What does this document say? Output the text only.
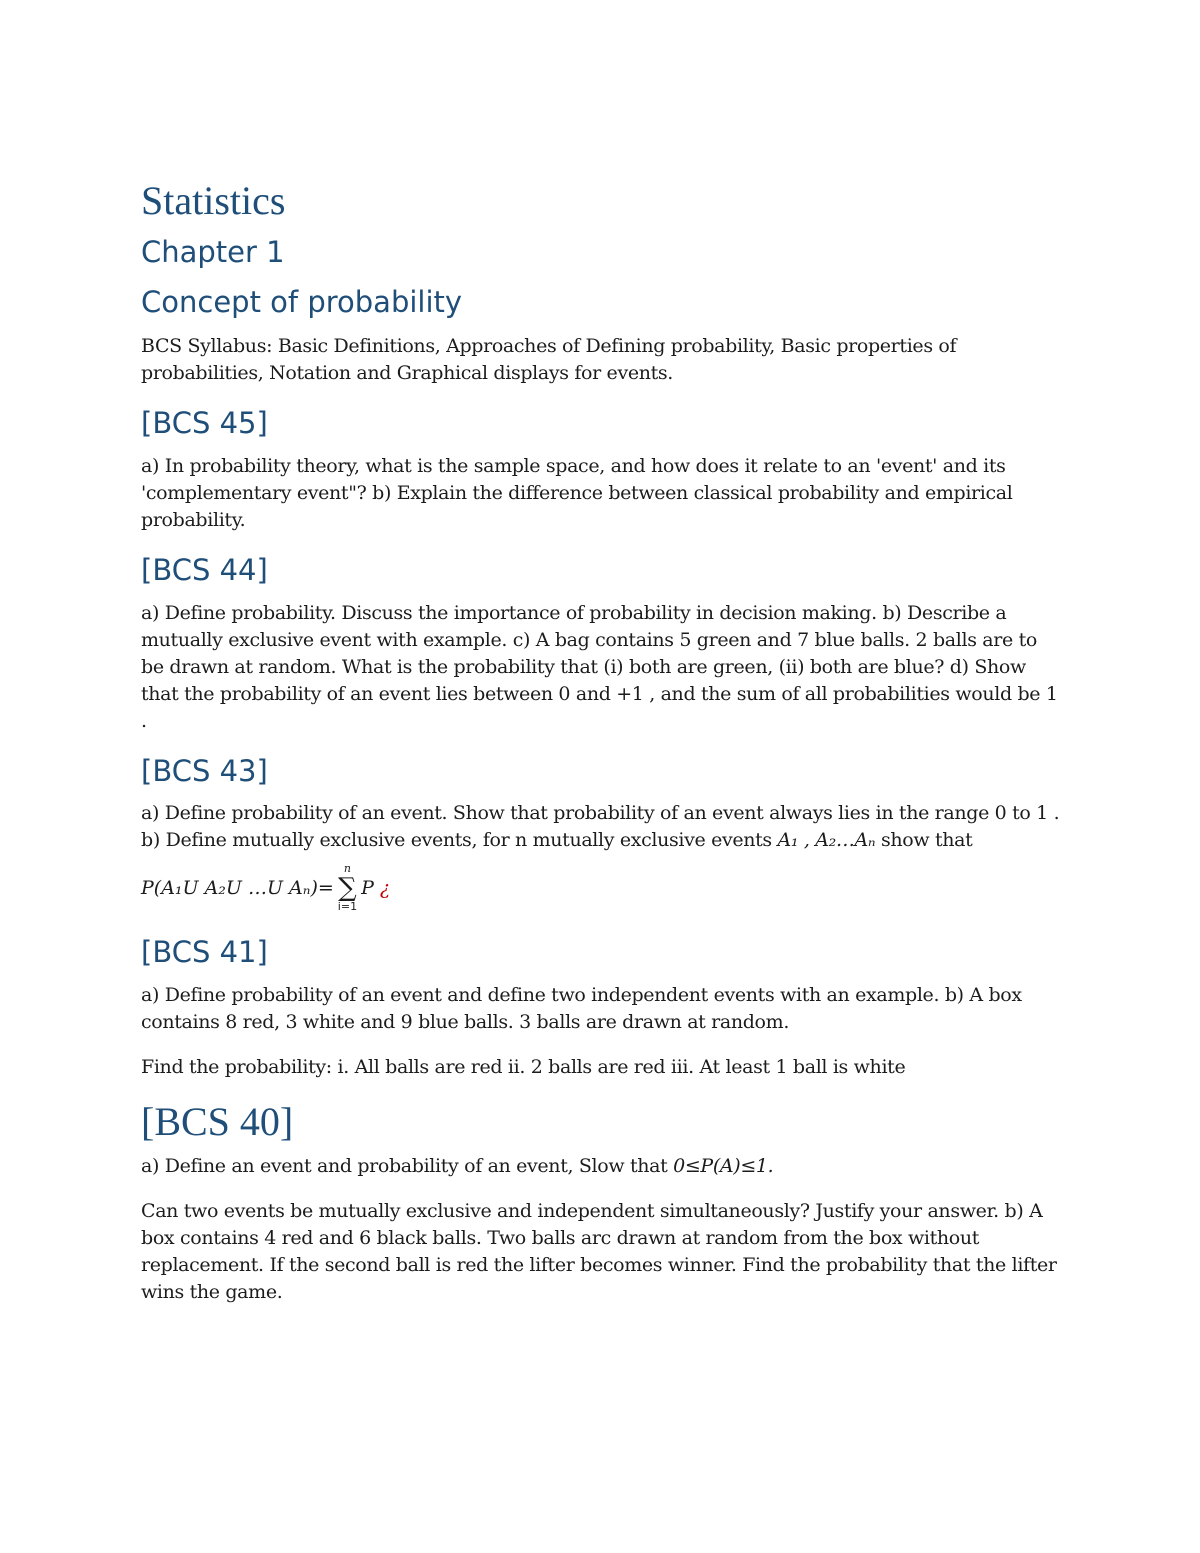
Statistics
Chapter 1
Concept of probability

BCS Syllabus: Basic Definitions, Approaches of Defining probability, Basic properties of probabilities, Notation and Graphical displays for events.

[BCS 45]

a) In probability theory, what is the sample space, and how does it relate to an 'event' and its 'complementary event"? b) Explain the difference between classical probability and empirical probability.

[BCS 44]

a) Define probability. Discuss the importance of probability in decision making. b) Describe a mutually exclusive event with example. c) A bag contains 5 green and 7 blue balls. 2 balls are to be drawn at random. What is the probability that (i) both are green, (ii) both are blue? d) Show that the probability of an event lies between 0 and +1 , and the sum of all probabilities would be 1 .

[BCS 43]

a) Define probability of an event. Show that probability of an event always lies in the range 0 to 1 . b) Define mutually exclusive events, for n mutually exclusive events A₁ , A₂…Aₙ show that

P(A₁U A₂U …U Aₙ)=
n
∑
i=1
P
¿
[BCS 41]

a) Define probability of an event and define two independent events with an example. b) A box contains 8 red, 3 white and 9 blue balls. 3 balls are drawn at random.

Find the probability: i. All balls are red ii. 2 balls are red iii. At least 1 ball is white

[BCS 40]

a) Define an event and probability of an event, Slow that 0≤P(A)≤1.

Can two events be mutually exclusive and independent simultaneously? Justify your answer. b) A box contains 4 red and 6 black balls. Two balls arc drawn at random from the box without replacement. If the second ball is red the lifter becomes winner. Find the probability that the lifter wins the game.
